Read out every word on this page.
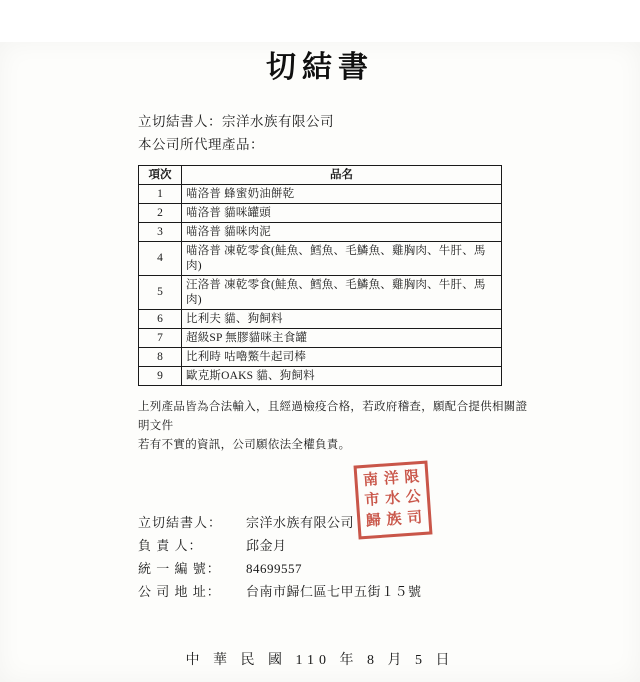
切結書
立切結書人：宗洋水族有限公司
本公司所代理產品：
項次	品名
1	喵洛普 蜂蜜奶油餅乾
2	喵洛普 貓咪罐頭
3	喵洛普 貓咪肉泥
4	喵洛普 凍乾零食(鮭魚、鱈魚、毛鱗魚、雞胸肉、牛肝、馬肉)
5	汪洛普 凍乾零食(鮭魚、鱈魚、毛鱗魚、雞胸肉、牛肝、馬肉)
6	比利夫 貓、狗飼料
7	超級SP 無膠貓咪主食罐
8	比利時 咕嚕鱉牛起司棒
9	歐克斯OAKS 貓、狗飼料
上列產品皆為合法輸入，且經過檢疫合格，若政府稽查，願配合提供相關證明文件
若有不實的資訊，公司願依法全權負責。
南 洋 限
市 水 公
歸 族 司
立切結書人：	宗洋水族有限公司
負 責 人：	邱金月
統 一 編 號：	84699557
公 司 地 址：	台南市歸仁區七甲五街１５號
中 華 民 國 110 年 8 月 5 日
